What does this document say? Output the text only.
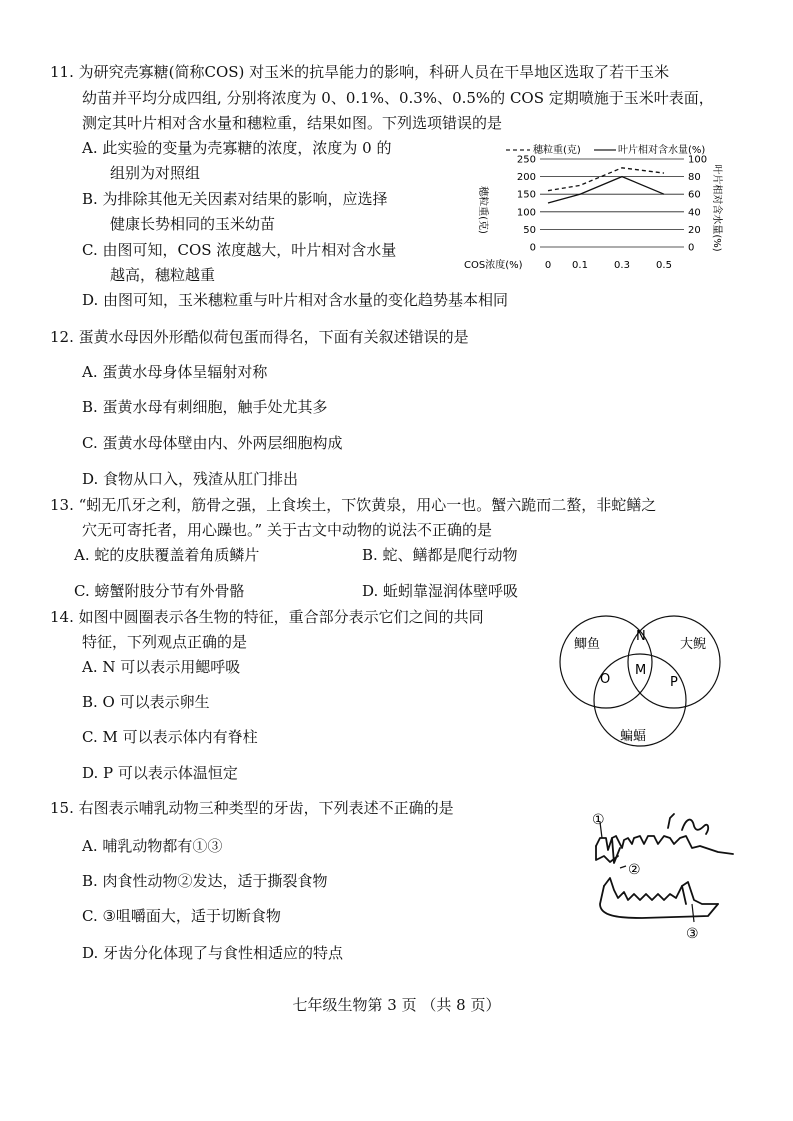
11. 为研究壳寡糖(简称COS) 对玉米的抗旱能力的影响，科研人员在干旱地区选取了若干玉米
幼苗并平均分成四组, 分别将浓度为 0、0.1%、0.3%、0.5%的 COS 定期喷施于玉米叶表面，
测定其叶片相对含水量和穗粒重，结果如图。下列选项错误的是
A. 此实验的变量为壳寡糖的浓度，浓度为 0 的
组别为对照组
B. 为排除其他无关因素对结果的影响，应选择
健康长势相同的玉米幼苗
C. 由图可知，COS 浓度越大，叶片相对含水量
越高，穗粒越重
D. 由图可知，玉米穗粒重与叶片相对含水量的变化趋势基本相同
穗粒重(克)	叶片相对含水量(%)
250	100
200	80
150	60
100	40
50	20
0	0
0 0.1	0.3	0.5
穗粒重(克)	叶片相对含水量(%)
COS浓度(%)
12. 蛋黄水母因外形酷似荷包蛋而得名，下面有关叙述错误的是
A. 蛋黄水母身体呈辐射对称
B. 蛋黄水母有刺细胞，触手处尤其多
C. 蛋黄水母体壁由内、外两层细胞构成
D. 食物从口入，残渣从肛门排出
13. “蚓无爪牙之利，筋骨之强，上食埃土，下饮黄泉，用心一也。蟹六跪而二螯，非蛇鳝之
穴无可寄托者，用心躁也。” 关于古文中动物的说法不正确的是
A. 蛇的皮肤覆盖着角质鳞片	B. 蛇、鳝都是爬行动物
C. 螃蟹附肢分节有外骨骼	D. 蚯蚓靠湿润体壁呼吸
14. 如图中圆圈表示各生物的特征，重合部分表示它们之间的共同
特征，下列观点正确的是
A. N 可以表示用鳃呼吸
B. O 可以表示卵生
C. M 可以表示体内有脊柱
D. P 可以表示体温恒定
鲫鱼	大鲵
蝙蝠
N
M
O	P
15. 右图表示哺乳动物三种类型的牙齿，下列表述不正确的是
A. 哺乳动物都有①③
B. 肉食性动物②发达，适于撕裂食物
C. ③咀嚼面大，适于切断食物
D. 牙齿分化体现了与食性相适应的特点
①
②
③
七年级生物第 3 页 （共 8 页）
